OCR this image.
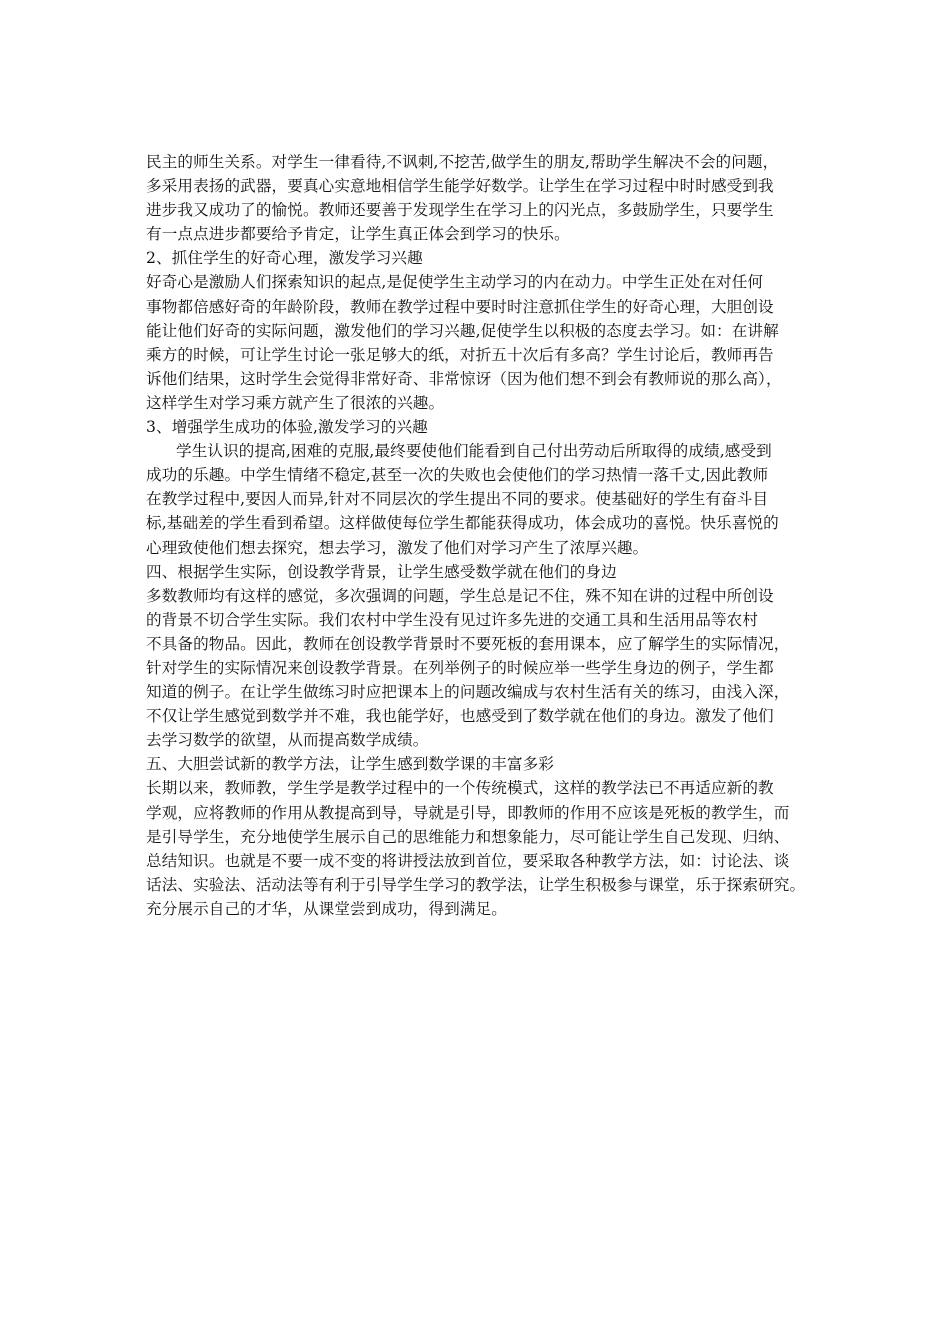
民主的师生关系。对学生一律看待,不讽刺,不挖苦,做学生的朋友,帮助学生解决不会的问题，
多采用表扬的武器，要真心实意地相信学生能学好数学。让学生在学习过程中时时感受到我
进步我又成功了的愉悦。教师还要善于发现学生在学习上的闪光点，多鼓励学生，只要学生
有一点点进步都要给予肯定，让学生真正体会到学习的快乐。
2、抓住学生的好奇心理，激发学习兴趣
好奇心是激励人们探索知识的起点,是促使学生主动学习的内在动力。中学生正处在对任何
事物都倍感好奇的年龄阶段，教师在教学过程中要时时注意抓住学生的好奇心理，大胆创设
能让他们好奇的实际问题，激发他们的学习兴趣,促使学生以积极的态度去学习。如：在讲解
乘方的时候，可让学生讨论一张足够大的纸，对折五十次后有多高？学生讨论后，教师再告
诉他们结果，这时学生会觉得非常好奇、非常惊讶（因为他们想不到会有教师说的那么高），
这样学生对学习乘方就产生了很浓的兴趣。
3、增强学生成功的体验,激发学习的兴趣
学生认识的提高,困难的克服,最终要使他们能看到自己付出劳动后所取得的成绩,感受到
成功的乐趣。中学生情绪不稳定,甚至一次的失败也会使他们的学习热情一落千丈,因此教师
在教学过程中,要因人而异,针对不同层次的学生提出不同的要求。使基础好的学生有奋斗目
标,基础差的学生看到希望。这样做使每位学生都能获得成功，体会成功的喜悦。快乐喜悦的
心理致使他们想去探究，想去学习，激发了他们对学习产生了浓厚兴趣。
四、根据学生实际，创设教学背景，让学生感受数学就在他们的身边
多数教师均有这样的感觉，多次强调的问题，学生总是记不住，殊不知在讲的过程中所创设
的背景不切合学生实际。我们农村中学生没有见过许多先进的交通工具和生活用品等农村
不具备的物品。因此，教师在创设教学背景时不要死板的套用课本，应了解学生的实际情况，
针对学生的实际情况来创设教学背景。在列举例子的时候应举一些学生身边的例子，学生都
知道的例子。在让学生做练习时应把课本上的问题改编成与农村生活有关的练习，由浅入深，
不仅让学生感觉到数学并不难，我也能学好，也感受到了数学就在他们的身边。激发了他们
去学习数学的欲望，从而提高数学成绩。
五、大胆尝试新的教学方法，让学生感到数学课的丰富多彩
长期以来，教师教，学生学是教学过程中的一个传统模式，这样的教学法已不再适应新的教
学观，应将教师的作用从教提高到导，导就是引导，即教师的作用不应该是死板的教学生，而
是引导学生，充分地使学生展示自己的思维能力和想象能力，尽可能让学生自己发现、归纳、
总结知识。也就是不要一成不变的将讲授法放到首位，要采取各种教学方法，如：讨论法、谈
话法、实验法、活动法等有利于引导学生学习的教学法，让学生积极参与课堂，乐于探索研究。
充分展示自己的才华，从课堂尝到成功，得到满足。
